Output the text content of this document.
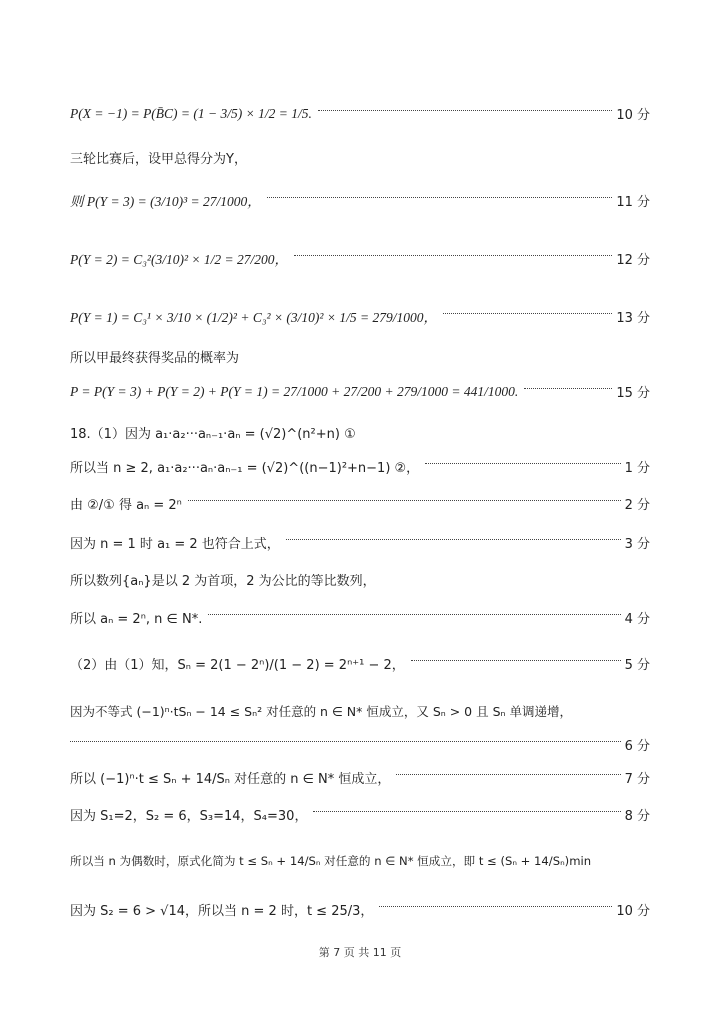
P(X = −1) = P(B̄C) = (1 − 3/5) × 1/2 = 1/5.	10 分
三轮比赛后，设甲总得分为Y，
则 P(Y = 3) = (3/10)³ = 27/1000，	11 分
P(Y = 2) = C₃²(3/10)² × 1/2 = 27/200，	12 分
P(Y = 1) = C₃¹ × 3/10 × (1/2)² + C₃² × (3/10)² × 1/5 = 279/1000，	13 分
所以甲最终获得奖品的概率为
P = P(Y = 3) + P(Y = 2) + P(Y = 1) = 27/1000 + 27/200 + 279/1000 = 441/1000.	15 分
18.（1）因为 a₁·a₂···aₙ₋₁·aₙ = (√2)^(n²+n) ①
所以当 n ≥ 2, a₁·a₂···aₙ·aₙ₋₁ = (√2)^((n−1)²+n−1) ②，	1 分
由 ②/① 得 aₙ = 2ⁿ	2 分
因为 n = 1 时 a₁ = 2 也符合上式，	3 分
所以数列{aₙ}是以 2 为首项，2 为公比的等比数列，
所以 aₙ = 2ⁿ, n ∈ N*.	4 分
（2）由（1）知，Sₙ = 2(1 − 2ⁿ)/(1 − 2) = 2ⁿ⁺¹ − 2，	5 分
因为不等式 (−1)ⁿ·tSₙ − 14 ≤ Sₙ² 对任意的 n ∈ N* 恒成立，又 Sₙ > 0 且 Sₙ 单调递增，
6 分
所以 (−1)ⁿ·t ≤ Sₙ + 14/Sₙ 对任意的 n ∈ N* 恒成立，	7 分
因为 S₁=2，S₂ = 6，S₃=14，S₄=30，	8 分
所以当 n 为偶数时，原式化简为 t ≤ Sₙ + 14/Sₙ 对任意的 n ∈ N* 恒成立，即 t ≤ (Sₙ + 14/Sₙ)min
因为 S₂ = 6 > √14，所以当 n = 2 时，t ≤ 25/3，	10 分
第 7 页 共 11 页
